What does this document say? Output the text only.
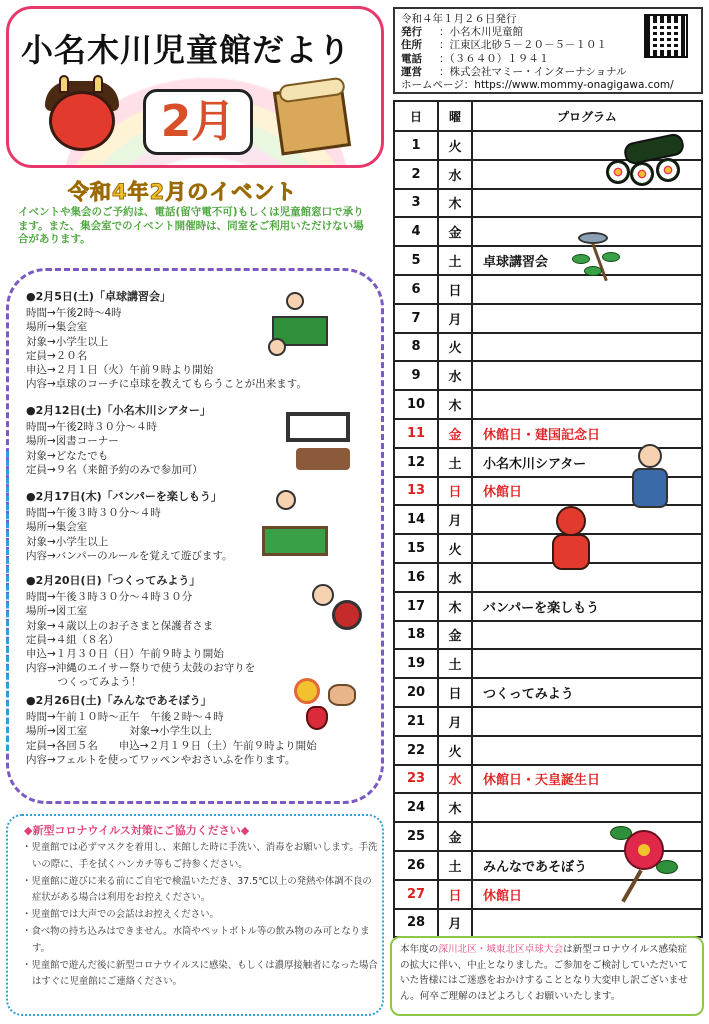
小名木川児童館だより
2月
令和4年2月のイベント
イベントや集会のご予約は、電話(留守電不可)もしくは児童館窓口で承ります。また、集会室でのイベント開催時は、同室をご利用いただけない場合があります。
●2月5日(土)「卓球講習会」
時間→午後2時～4時
場所→集会室
対象→小学生以上
定員→２０名
申込→２月１日（火）午前９時より開始
内容→卓球のコーチに卓球を教えてもらうことが出来ます。
●2月12日(土)「小名木川シアター」
時間→午後2時３０分～４時
場所→図書コーナー
対象→どなたでも
定員→９名（来館予約のみで参加可）
●2月17日(木)「バンパーを楽しもう」
時間→午後３時３０分～４時
場所→集会室
対象→小学生以上
内容→バンパーのルールを覚えて遊びます。
●2月20日(日)「つくってみよう」
時間→午後３時３０分～４時３０分
場所→図工室
対象→４歳以上のお子さまと保護者さま
定員→４組（８名）
申込→１月３０日（日）午前９時より開始
内容→沖縄のエイサー祭りで使う太鼓のお守りを
　　　つくってみよう！
●2月26日(土)「みんなであそぼう」
時間→午前１０時～正午　午後２時～４時
場所→図工室　　　　対象→小学生以上
定員→各回５名　　申込→２月１９日（土）午前９時より開始
内容→フェルトを使ってワッペンやおさいふを作ります。
◆新型コロナウイルス対策にご協力ください◆
・児童館では必ずマスクを着用し、来館した時に手洗い、消毒をお願いします。手洗いの際に、手を拭くハンカチ等もご持参ください。
・児童館に遊びに来る前にご自宅で検温いただき、37.5℃以上の発熱や体調不良の症状がある場合は利用をお控えください。
・児童館では大声での会話はお控えください。
・食べ物の持ち込みはできません。水筒やペットボトル等の飲み物のみ可となります。
・児童館で遊んだ後に新型コロナウイルスに感染、もしくは濃厚接触者になった場合はすぐに児童館にご連絡ください。
令和４年１月２６日発行
発行	：小名木川児童館
住所	：江東区北砂５－２０－５－１０１
電話	：（３６４０）１９４１
運営	：株式会社マミー・インターナショナル
ホームページ：https://www.mommy-onagigawa.com/
日	曜	プログラム
1	火	
2	水	
3	木	
4	金	
5	土	卓球講習会
6	日	
7	月	
8	火	
9	水	
10	木	
11	金	休館日・建国記念日
12	土	小名木川シアター
13	日	休館日
14	月	
15	火	
16	水	
17	木	バンパーを楽しもう
18	金	
19	土	
20	日	つくってみよう
21	月	
22	火	
23	水	休館日・天皇誕生日
24	木	
25	金	
26	土	みんなであそぼう
27	日	休館日
28	月	
本年度の深川北区・城東北区卓球大会は新型コロナウイルス感染症の拡大に伴い、中止となりました。ご参加をご検討していただいていた皆様にはご迷惑をおかけすることとなり大変申し訳ございません。何卒ご理解のほどよろしくお願いいたします。
